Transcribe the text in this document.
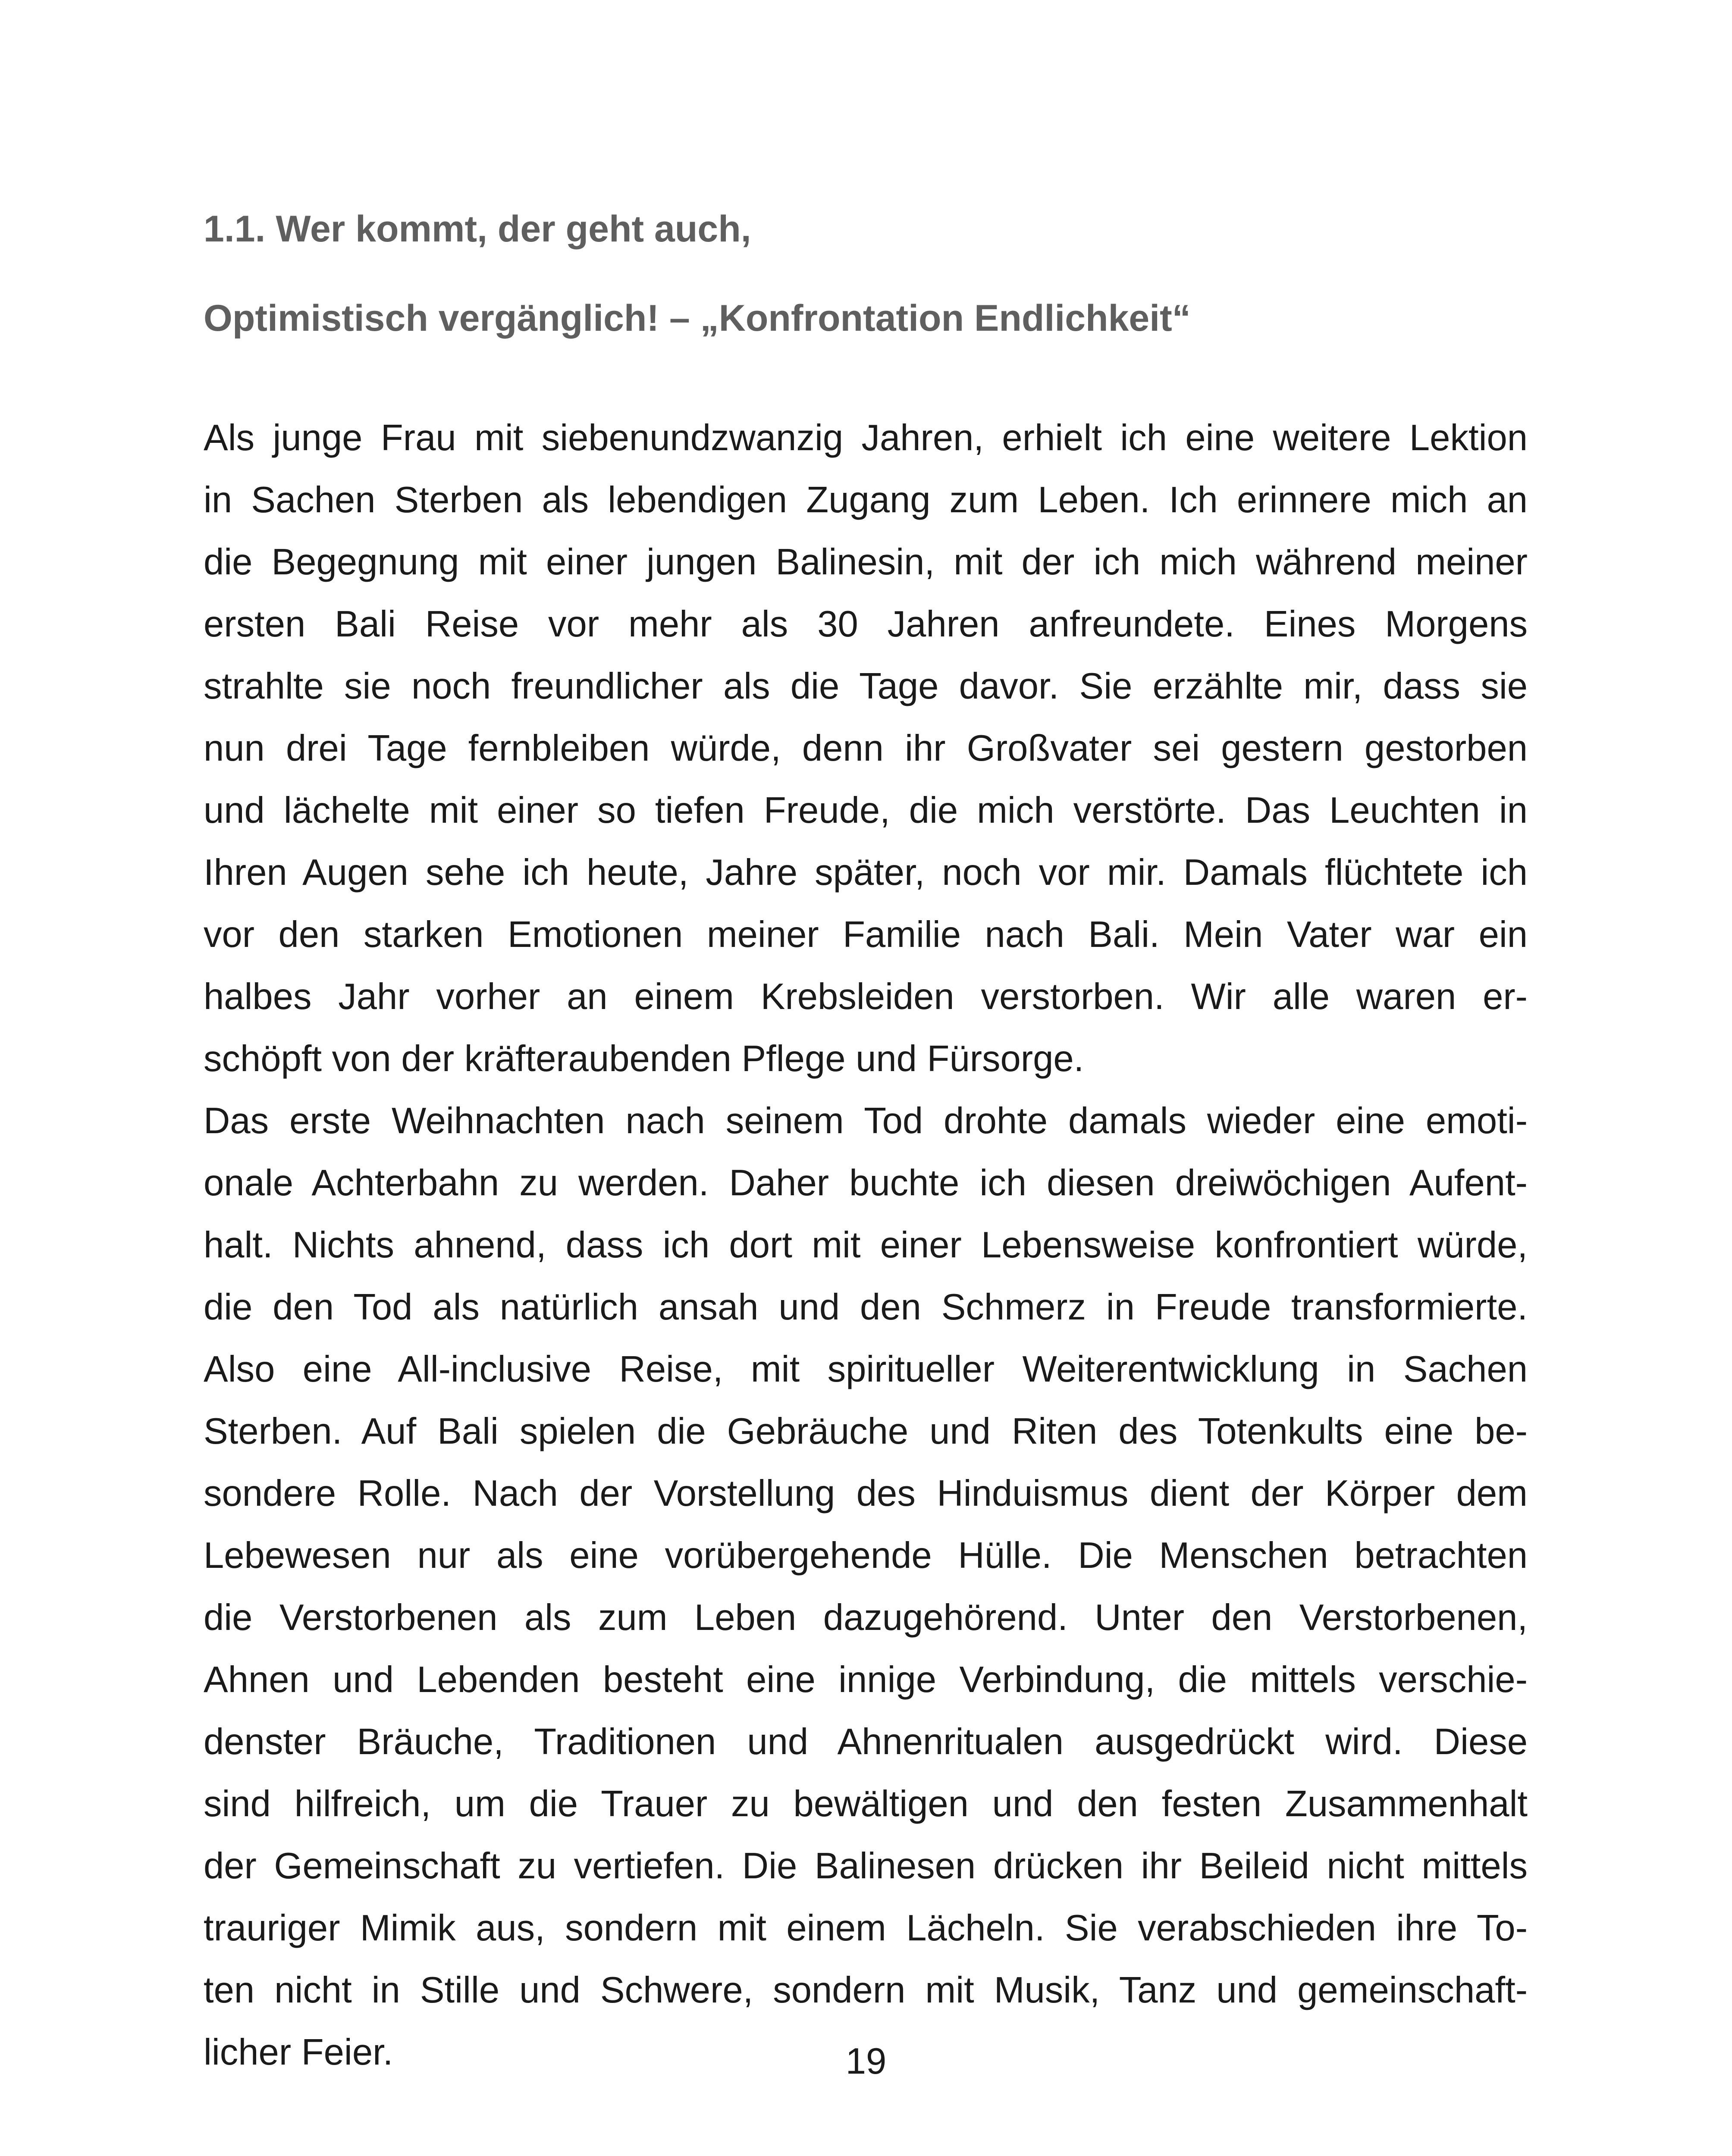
1.1. Wer kommt, der geht auch,
Optimistisch vergänglich! – „Konfrontation Endlichkeit“
Als junge Frau mit siebenundzwanzig Jahren, erhielt ich eine weitere Lektion
in Sachen Sterben als lebendigen Zugang zum Leben. Ich erinnere mich an
die Begegnung mit einer jungen Balinesin, mit der ich mich während meiner
ersten Bali Reise vor mehr als 30 Jahren anfreundete. Eines Morgens
strahlte sie noch freundlicher als die Tage davor. Sie erzählte mir, dass sie
nun drei Tage fernbleiben würde, denn ihr Großvater sei gestern gestorben
und lächelte mit einer so tiefen Freude, die mich verstörte. Das Leuchten in
Ihren Augen sehe ich heute, Jahre später, noch vor mir. Damals flüchtete ich
vor den starken Emotionen meiner Familie nach Bali. Mein Vater war ein
halbes Jahr vorher an einem Krebsleiden verstorben. Wir alle waren er-
schöpft von der kräfteraubenden Pflege und Fürsorge.
Das erste Weihnachten nach seinem Tod drohte damals wieder eine emoti-
onale Achterbahn zu werden. Daher buchte ich diesen dreiwöchigen Aufent-
halt. Nichts ahnend, dass ich dort mit einer Lebensweise konfrontiert würde,
die den Tod als natürlich ansah und den Schmerz in Freude transformierte.
Also eine All-inclusive Reise, mit spiritueller Weiterentwicklung in Sachen
Sterben. Auf Bali spielen die Gebräuche und Riten des Totenkults eine be-
sondere Rolle. Nach der Vorstellung des Hinduismus dient der Körper dem
Lebewesen nur als eine vorübergehende Hülle. Die Menschen betrachten
die Verstorbenen als zum Leben dazugehörend. Unter den Verstorbenen,
Ahnen und Lebenden besteht eine innige Verbindung, die mittels verschie-
denster Bräuche, Traditionen und Ahnenritualen ausgedrückt wird. Diese
sind hilfreich, um die Trauer zu bewältigen und den festen Zusammenhalt
der Gemeinschaft zu vertiefen. Die Balinesen drücken ihr Beileid nicht mittels
trauriger Mimik aus, sondern mit einem Lächeln. Sie verabschieden ihre To-
ten nicht in Stille und Schwere, sondern mit Musik, Tanz und gemeinschaft-
licher Feier.	19
